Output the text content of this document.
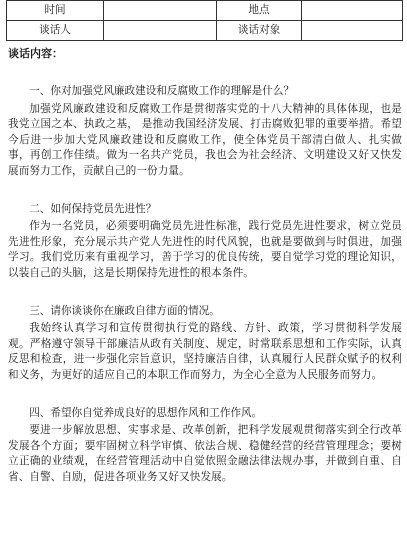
时间		地点	
谈话人		谈话对象	
谈话内容：
一、你对加强党风廉政建设和反腐败工作的理解是什么？

加强党风廉政建设和反腐败工作是贯彻落实党的十八大精神的具体体现，也是我党立国之本、执政之基， 是推动我国经济发展、打击腐败犯罪的重要举措。希望今后进一步加大党风廉政建设和反腐败工作，使全体党员干部清白做人、扎实做事，再创工作佳绩。做为一名共产党员，我也会为社会经济、文明建设又好又快发展而努力工作，贡献自己的一份力量。

二、如何保持党员先进性？

作为一名党员，必须要明确党员先进性标准，践行党员先进性要求，树立党员先进性形象，充分展示共产党人先进性的时代风貌，也就是要做到与时俱进，加强学习。我们党历来有重视学习，善于学习的优良传统，要自觉学习党的理论知识，以装自己的头脑，这是长期保持先进性的根本条件。

三、请你谈谈你在廉政自律方面的情况。

我始终认真学习和宣传贯彻执行党的路线、方针、政策，学习贯彻科学发展观。严格遵守领导干部廉洁从政有关制度、规定，时常联系思想和工作实际，认真反思和检查，进一步强化宗旨意识，坚持廉洁自律，认真履行人民群众赋予的权利和义务，为更好的适应自己的本职工作而努力，为全心全意为人民服务而努力。

四、希望你自觉养成良好的思想作风和工作作风。

要进一步解放思想、实事求是、改革创新，把科学发展观贯彻落实到全行改革发展各个方面；要牢固树立科学审慎、依法合规、稳健经营的经营管理理念；要树立正确的业绩观，在经营管理活动中自觉依照金融法律法规办事，并做到自重、自省、自警、自励，促进各项业务又好又快发展。
